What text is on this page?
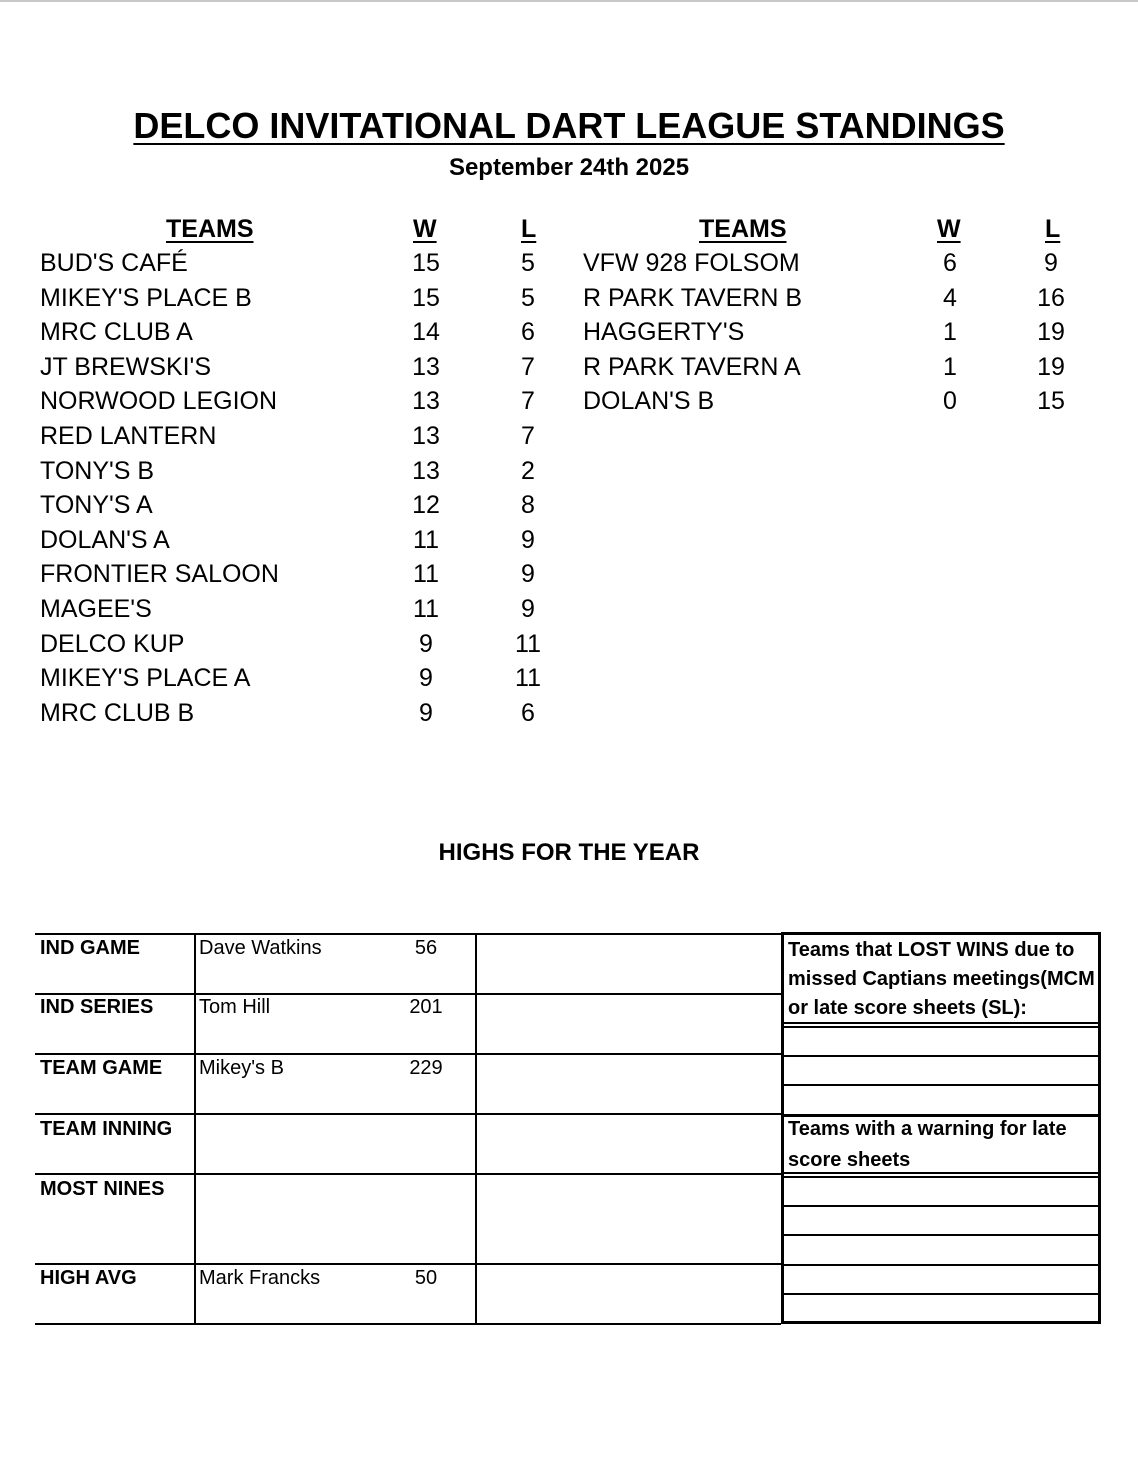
DELCO INVITATIONAL DART LEAGUE STANDINGS
September 24th 2025
TEAMS	W	L	TEAMS	W	L
BUD'S CAFÉ	15	5
MIKEY'S PLACE B	15	5
MRC CLUB A	14	6
JT BREWSKI'S	13	7
NORWOOD LEGION	13	7
RED LANTERN	13	7
TONY'S B	13	2
TONY'S A	12	8
DOLAN'S A	11	9
FRONTIER SALOON	11	9
MAGEE'S	11	9
DELCO KUP	9	11
MIKEY'S PLACE A	9	11
MRC CLUB B	9	6
VFW 928 FOLSOM	6	9
R PARK TAVERN B	4	16
HAGGERTY'S	1	19
R PARK TAVERN A	1	19
DOLAN'S B	0	15
HIGHS FOR THE YEAR
IND GAME	Dave Watkins	56
IND SERIES Tom Hill	201
TEAM GAME Mikey's B	229
TEAM INNING
MOST NINES
HIGH AVG	Mark Francks	50
Teams that LOST WINS due to
missed Captians meetings(MCM
or late score sheets (SL):
Teams with a warning for late
score sheets
